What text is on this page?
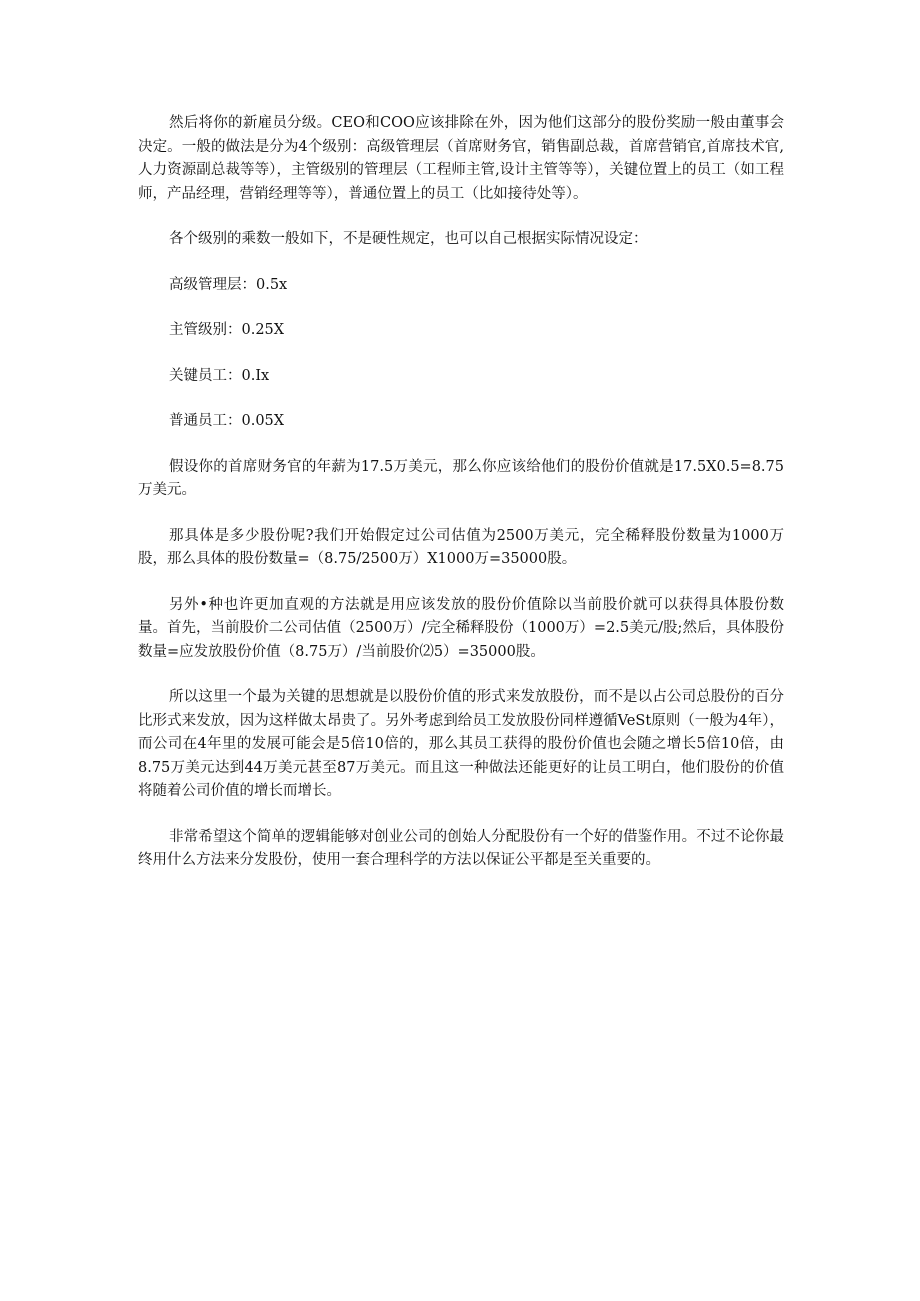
然后将你的新雇员分级。CEO和COO应该排除在外，因为他们这部分的股份奖励一般由董事会决定。一般的做法是分为4个级别：高级管理层（首席财务官，销售副总裁，首席营销官,首席技术官,人力资源副总裁等等），主管级别的管理层（工程师主管,设计主管等等），关键位置上的员工（如工程师，产品经理，营销经理等等），普通位置上的员工（比如接待处等）。

各个级别的乘数一般如下，不是硬性规定，也可以自己根据实际情况设定：

高级管理层：0.5x

主管级别：0.25X

关键员工：0.Ix

普通员工：0.05X

假设你的首席财务官的年薪为17.5万美元，那么你应该给他们的股份价值就是17.5X0.5=8.75万美元。

那具体是多少股份呢?我们开始假定过公司估值为2500万美元，完全稀释股份数量为1000万股，那么具体的股份数量=（8.75/2500万）X1000万=35000股。

另外•种也许更加直观的方法就是用应该发放的股份价值除以当前股价就可以获得具体股份数量。首先，当前股价二公司估值（2500万）/完全稀释股份（1000万）=2.5美元/股;然后，具体股份数量=应发放股份价值（8.75万）/当前股价⑵5）=35000股。

所以这里一个最为关键的思想就是以股份价值的形式来发放股份，而不是以占公司总股份的百分比形式来发放，因为这样做太昂贵了。另外考虑到给员工发放股份同样遵循VeSt原则（一般为4年），而公司在4年里的发展可能会是5倍10倍的，那么其员工获得的股份价值也会随之增长5倍10倍，由8.75万美元达到44万美元甚至87万美元。而且这一种做法还能更好的让员工明白，他们股份的价值将随着公司价值的增长而增长。

非常希望这个简单的逻辑能够对创业公司的创始人分配股份有一个好的借鉴作用。不过不论你最终用什么方法来分发股份，使用一套合理科学的方法以保证公平都是至关重要的。
